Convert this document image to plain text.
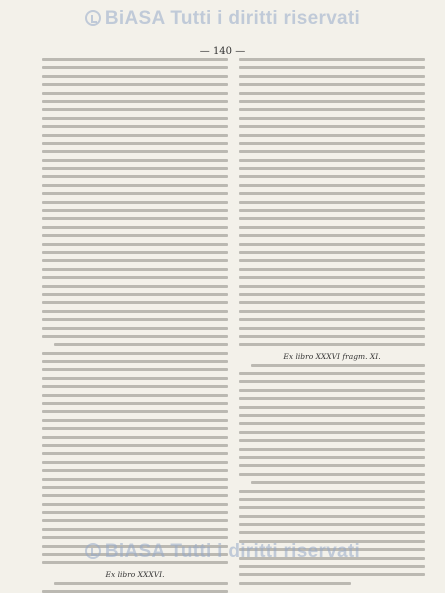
BiASA Tutti i diritti riservati
— 140 —
Ex libro XXXVI.
Ex libro XXXVI fragm. XI.
BiASA Tutti i diritti riservati
